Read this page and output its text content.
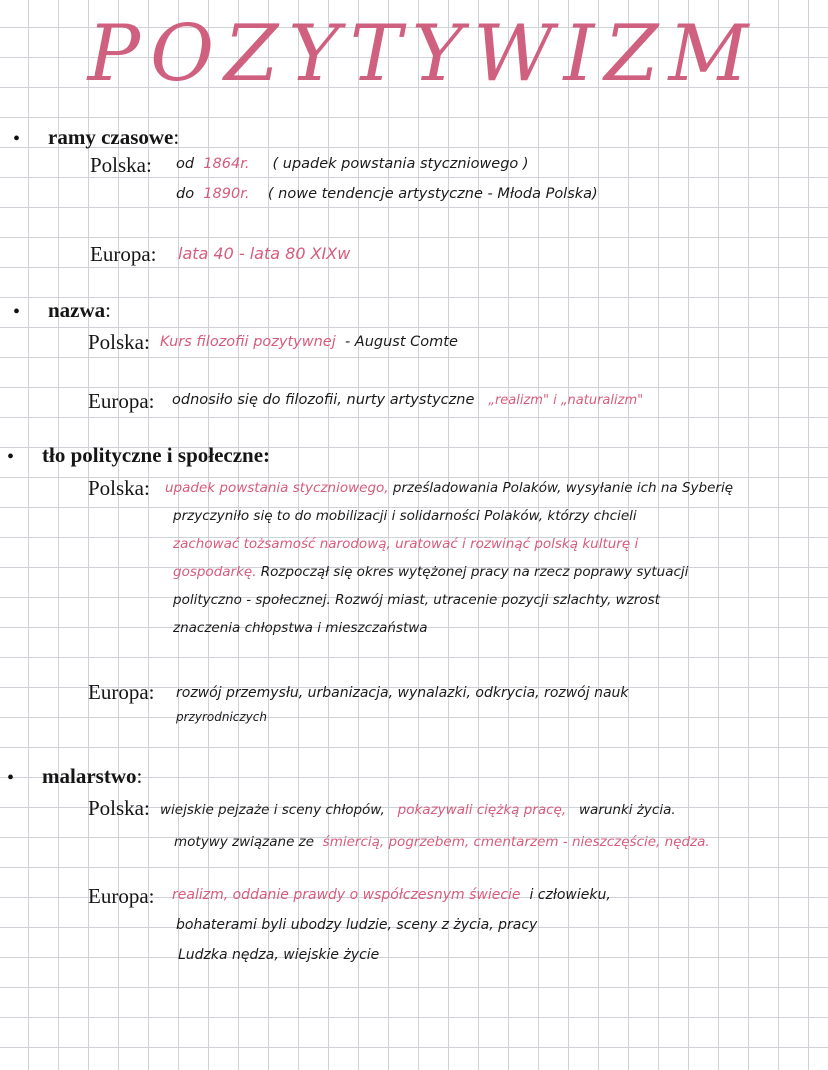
POZYTYWIZM
• ramy czasowe:
Polska: od 1864r. ( upadek powstania styczniowego )
do 1890r. ( nowe tendencje artystyczne - Młoda Polska)
Europa: lata 40 - lata 80 XIXw
• nazwa:
Polska: Kurs filozofii pozytywnej - August Comte
Europa: odnosiło się do filozofii, nurty artystyczne „realizm" i „naturalizm"
• tło polityczne i społeczne:
Polska: upadek powstania styczniowego, prześladowania Polaków, wysyłanie ich na Syberię
przyczyniło się to do mobilizacji i solidarności Polaków, którzy chcieli
zachować tożsamość narodową, uratować i rozwinąć polską kulturę i
gospodarkę. Rozpoczął się okres wytężonej pracy na rzecz poprawy sytuacji
polityczno - społecznej. Rozwój miast, utracenie pozycji szlachty, wzrost
znaczenia chłopstwa i mieszczaństwa
Europa: rozwój przemysłu, urbanizacja, wynalazki, odkrycia, rozwój nauk
przyrodniczych
• malarstwo:
Polska: wiejskie pejzaże i sceny chłopów, pokazywali ciężką pracę, warunki życia.
motywy związane ze śmiercią, pogrzebem, cmentarzem - nieszczęście, nędza.
Europa: realizm, oddanie prawdy o współczesnym świecie i człowieku,
bohaterami byli ubodzy ludzie, sceny z życia, pracy
Ludzka nędza, wiejskie życie
